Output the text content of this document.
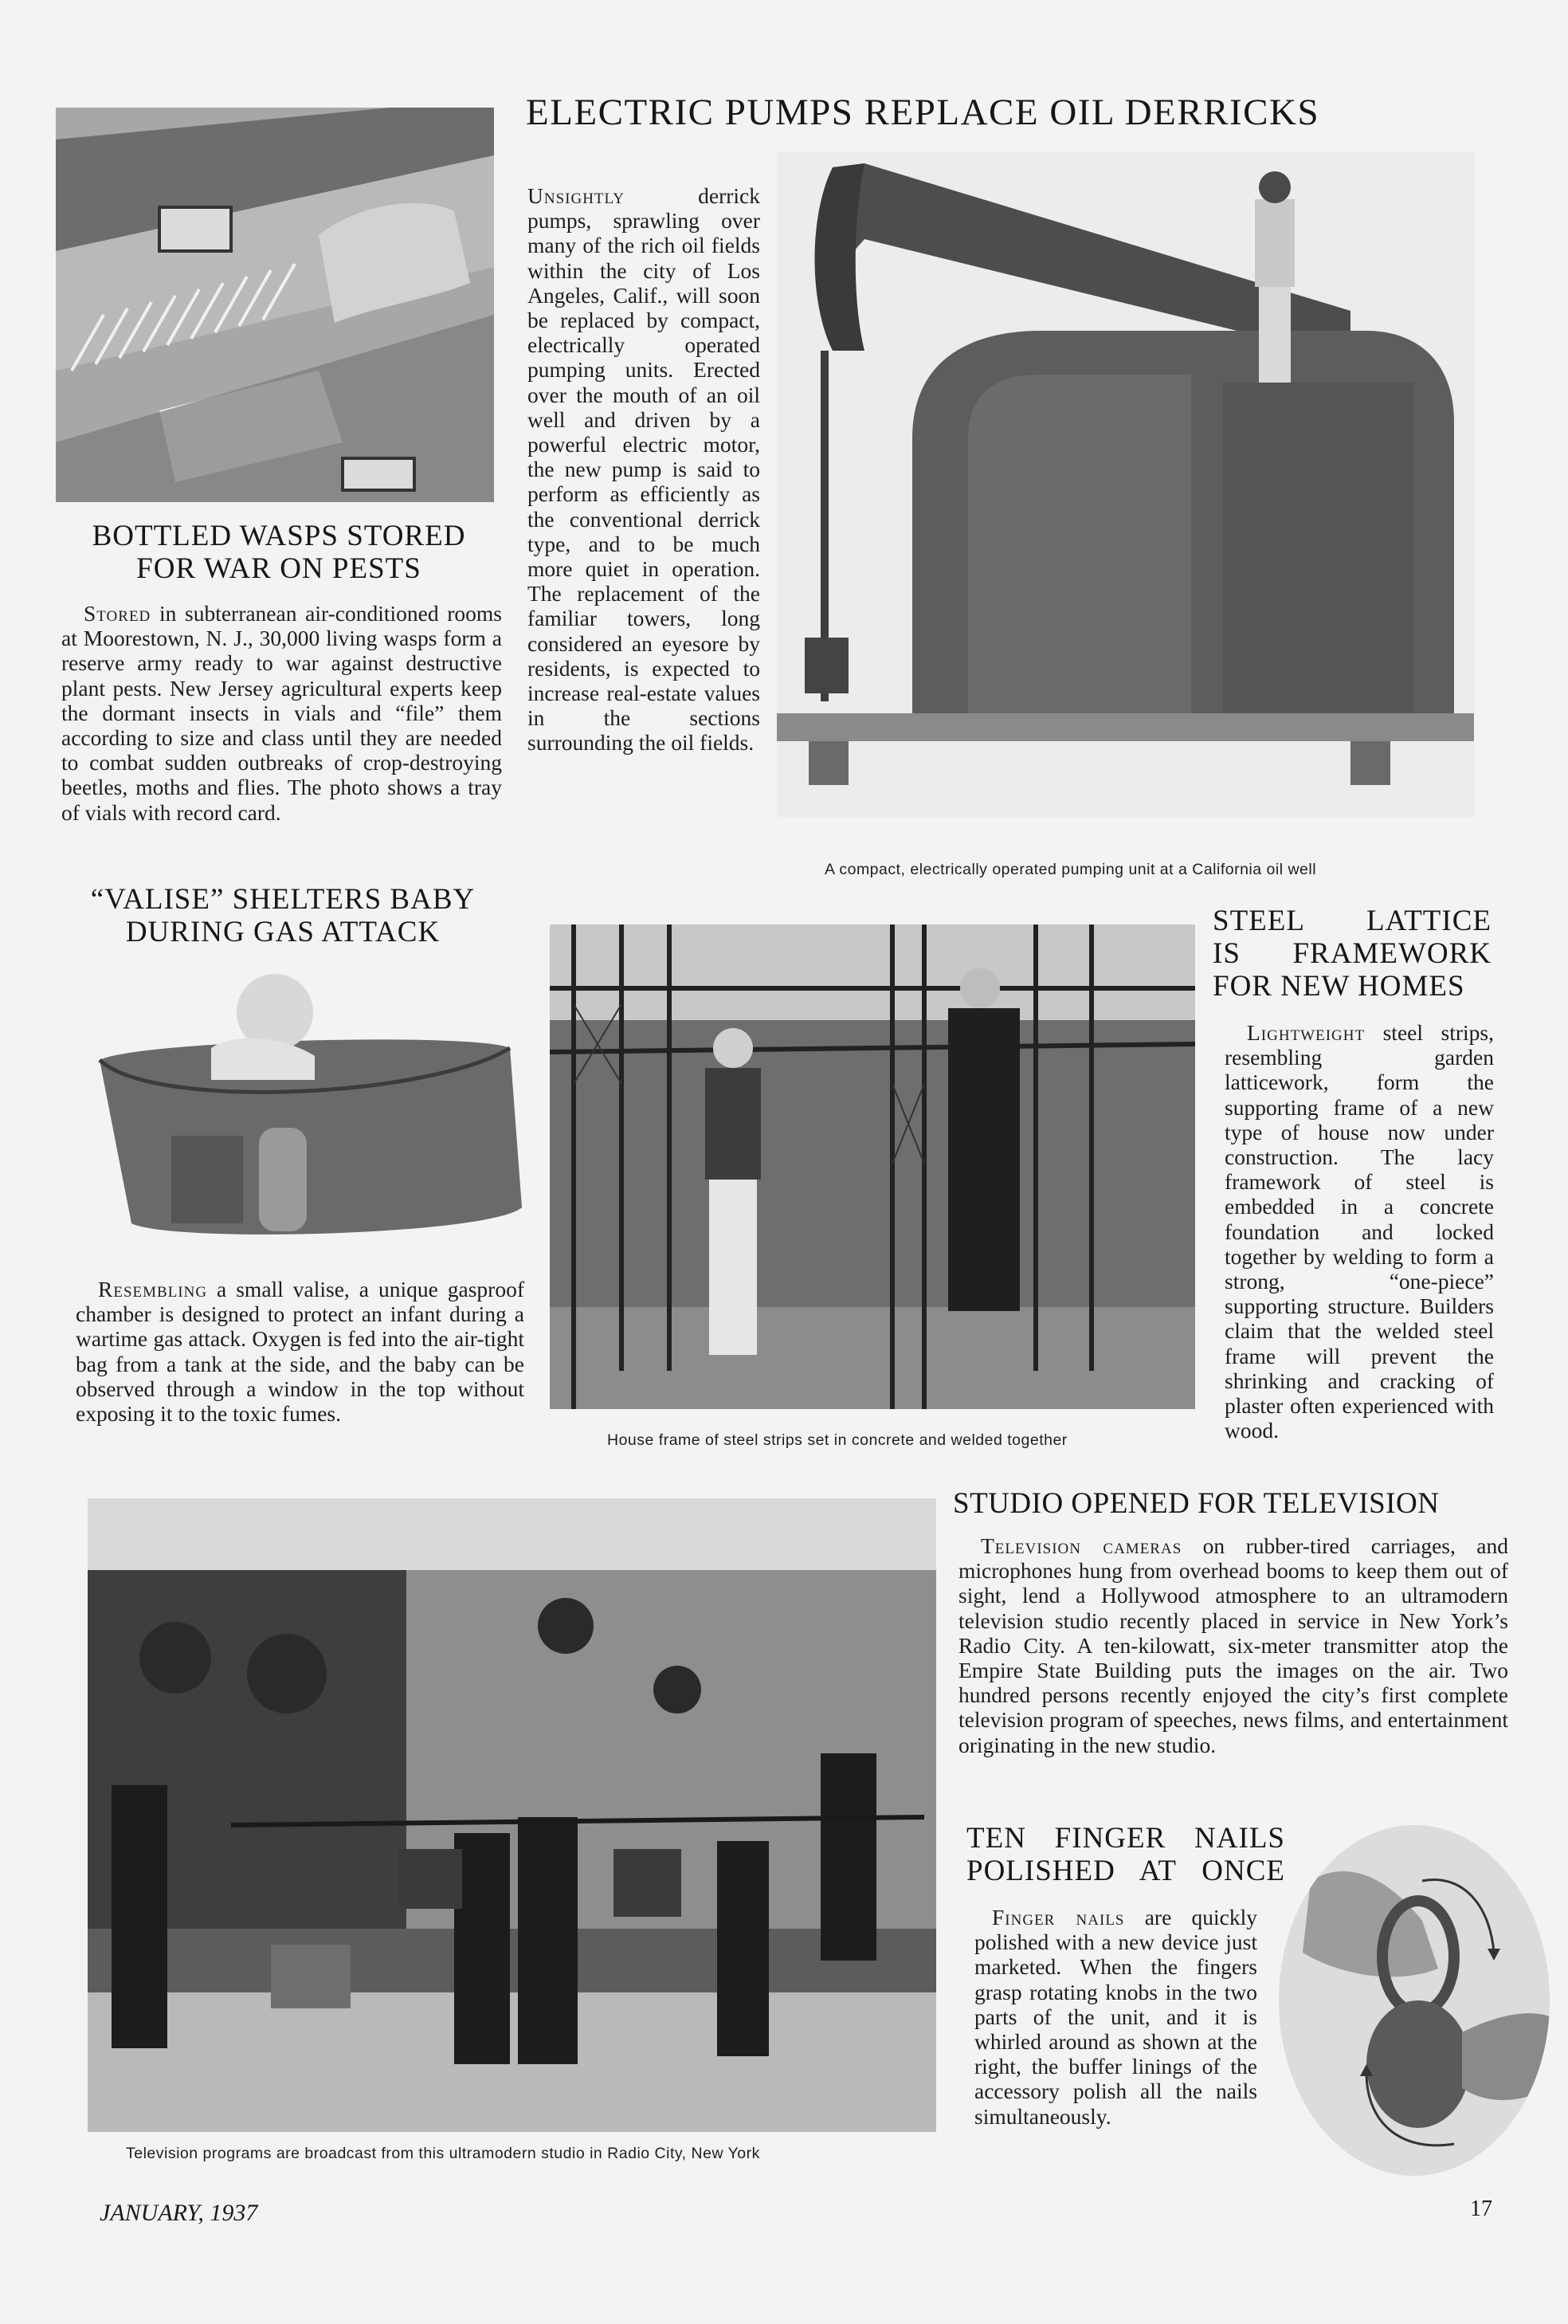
ELECTRIC PUMPS REPLACE OIL DERRICKS

Unsightly derrick pumps, sprawling over many of the rich oil fields within the city of Los Angeles, Calif., will soon be replaced by compact, electrically operated pumping units. Erected over the mouth of an oil well and driven by a powerful electric motor, the new pump is said to perform as efficiently as the conventional derrick type, and to be much more quiet in operation. The replacement of the familiar towers, long considered an eyesore by residents, is expected to increase real-estate values in the sections surrounding the oil fields.

A compact, electrically operated pumping unit at a California oil well
BOTTLED WASPS STORED
FOR WAR ON PESTS

Stored in subterranean air-conditioned rooms at Moorestown, N. J., 30,000 living wasps form a reserve army ready to war against destructive plant pests. New Jersey agricultural experts keep the dormant insects in vials and “file” them according to size and class until they are needed to combat sudden outbreaks of crop-destroying beetles, moths and flies. The photo shows a tray of vials with record card.

“VALISE” SHELTERS BABY
DURING GAS ATTACK

Resembling a small valise, a unique gasproof chamber is designed to protect an infant during a wartime gas attack. Oxygen is fed into the air-tight bag from a tank at the side, and the baby can be observed through a window in the top without exposing it to the toxic fumes.

House frame of steel strips set in concrete and welded together
STEEL LATTICE
IS FRAMEWORK
FOR NEW HOMES

Lightweight steel strips, resembling garden latticework, form the supporting frame of a new type of house now under construction. The lacy framework of steel is embedded in a concrete foundation and locked together by welding to form a strong, “one-piece” supporting structure. Builders claim that the welded steel frame will prevent the shrinking and cracking of plaster often experienced with wood.

Television programs are broadcast from this ultramodern studio in Radio City, New York
STUDIO OPENED FOR TELEVISION

Television cameras on rubber-tired carriages, and microphones hung from overhead booms to keep them out of sight, lend a Hollywood atmosphere to an ultramodern television studio recently placed in service in New York’s Radio City. A ten-kilowatt, six-meter transmitter atop the Empire State Building puts the images on the air. Two hundred persons recently enjoyed the city’s first complete television program of speeches, news films, and entertainment originating in the new studio.

TEN FINGER NAILS
POLISHED AT ONCE

Finger nails are quickly polished with a new device just marketed. When the fingers grasp rotating knobs in the two parts of the unit, and it is whirled around as shown at the right, the buffer linings of the accessory polish all the nails simultaneously.

JANUARY, 1937	17
